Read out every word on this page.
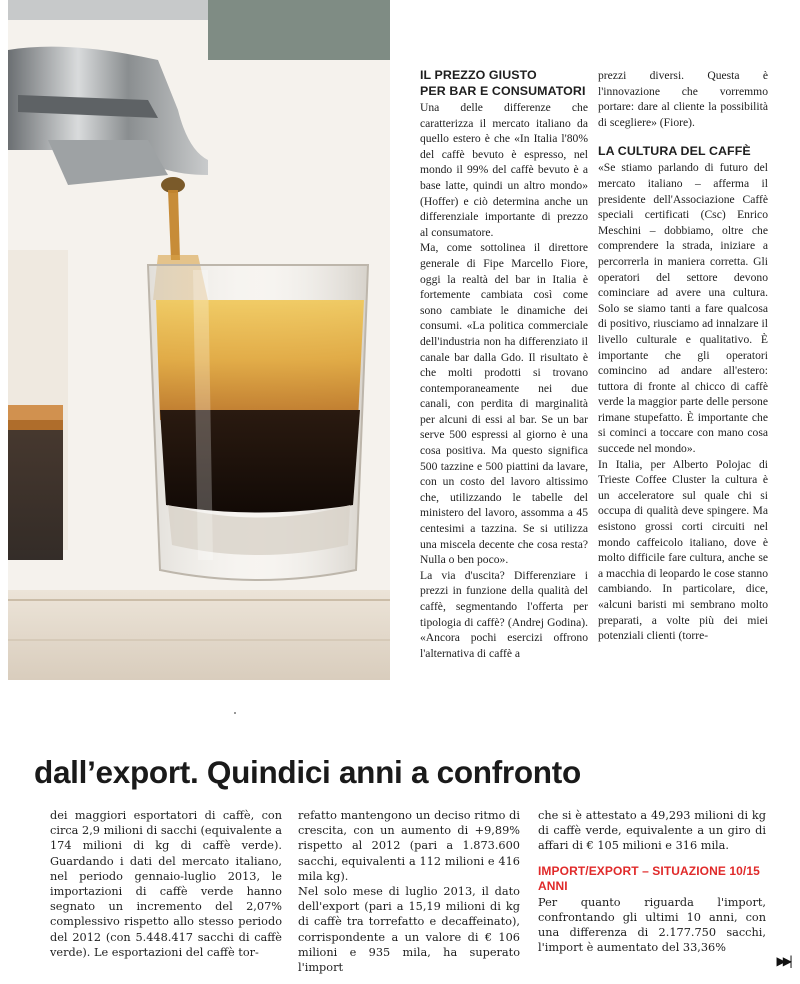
IL PREZZO GIUSTO
PER BAR E CONSUMATORI

Una delle differenze che caratterizza il mercato italiano da quello estero è che «In Italia l'80% del caffè bevuto è espresso, nel mondo il 99% del caffè bevuto è a base latte, quindi un altro mondo» (Hoffer) e ciò determina anche un differenziale importante di prezzo al consumatore.

Ma, come sottolinea il direttore generale di Fipe Marcello Fiore, oggi la realtà del bar in Italia è fortemente cambiata così come sono cambiate le dinamiche dei consumi. «La politica commerciale dell'industria non ha differenziato il canale bar dalla Gdo. Il risultato è che molti prodotti si trovano contemporaneamente nei due canali, con perdita di marginalità per alcuni di essi al bar. Se un bar serve 500 espressi al giorno è una cosa positiva. Ma questo significa 500 tazzine e 500 piattini da lavare, con un costo del lavoro altissimo che, utilizzando le tabelle del ministero del lavoro, assomma a 45 centesimi a tazzina. Se si utilizza una miscela decente che cosa resta? Nulla o ben poco».

La via d'uscita? Differenziare i prezzi in funzione della qualità del caffè, segmentando l'offerta per tipologia di caffè? (Andrej Godina). «Ancora pochi esercizi offrono l'alternativa di caffè a

prezzi diversi. Questa è l'innovazione che vorremmo portare: dare al cliente la possibilità di scegliere» (Fiore).

LA CULTURA DEL CAFFÈ

«Se stiamo parlando di futuro del mercato italiano – afferma il presidente dell'Associazione Caffè speciali certificati (Csc) Enrico Meschini – dobbiamo, oltre che comprendere la strada, iniziare a percorrerla in maniera corretta. Gli operatori del settore devono cominciare ad avere una cultura. Solo se siamo tanti a fare qualcosa di positivo, riusciamo ad innalzare il livello culturale e qualitativo. È importante che gli operatori comincino ad andare all'estero: tuttora di fronte al chicco di caffè verde la maggior parte delle persone rimane stupefatto. È importante che si cominci a toccare con mano cosa succede nel mondo».

In Italia, per Alberto Polojac di Trieste Coffee Cluster la cultura è un acceleratore sul quale chi si occupa di qualità deve spingere. Ma esistono grossi corti circuiti nel mondo caffeicolo italiano, dove è molto difficile fare cultura, anche se a macchia di leopardo le cose stanno cambiando. In particolare, dice, «alcuni baristi mi sembrano molto preparati, a volte più dei miei potenziali clienti (torre-

dall’export. Quindici anni a confronto

dei maggiori esportatori di caffè, con circa 2,9 milioni di sacchi (equivalente a 174 milioni di kg di caffè verde). Guardando i dati del mercato italiano, nel periodo gennaio-luglio 2013, le importazioni di caffè verde hanno segnato un incremento del 2,07% complessivo rispetto allo stesso periodo del 2012 (con 5.448.417 sacchi di caffè verde). Le esportazioni del caffè tor-

refatto mantengono un deciso ritmo di crescita, con un aumento di +9,89% rispetto al 2012 (pari a 1.873.600 sacchi, equivalenti a 112 milioni e 416 mila kg).

Nel solo mese di luglio 2013, il dato dell'export (pari a 15,19 milioni di kg di caffè tra torrefatto e decaffeinato), corrispondente a un valore di € 106 milioni e 935 mila, ha superato l'import

che si è attestato a 49,293 milioni di kg di caffè verde, equivalente a un giro di affari di € 105 milioni e 316 mila.

IMPORT/EXPORT – SITUAZIONE 10/15 ANNI

Per quanto riguarda l'import, confrontando gli ultimi 10 anni, con una differenza di 2.177.750 sacchi, l'import è aumentato del 33,36%

▶▶|
